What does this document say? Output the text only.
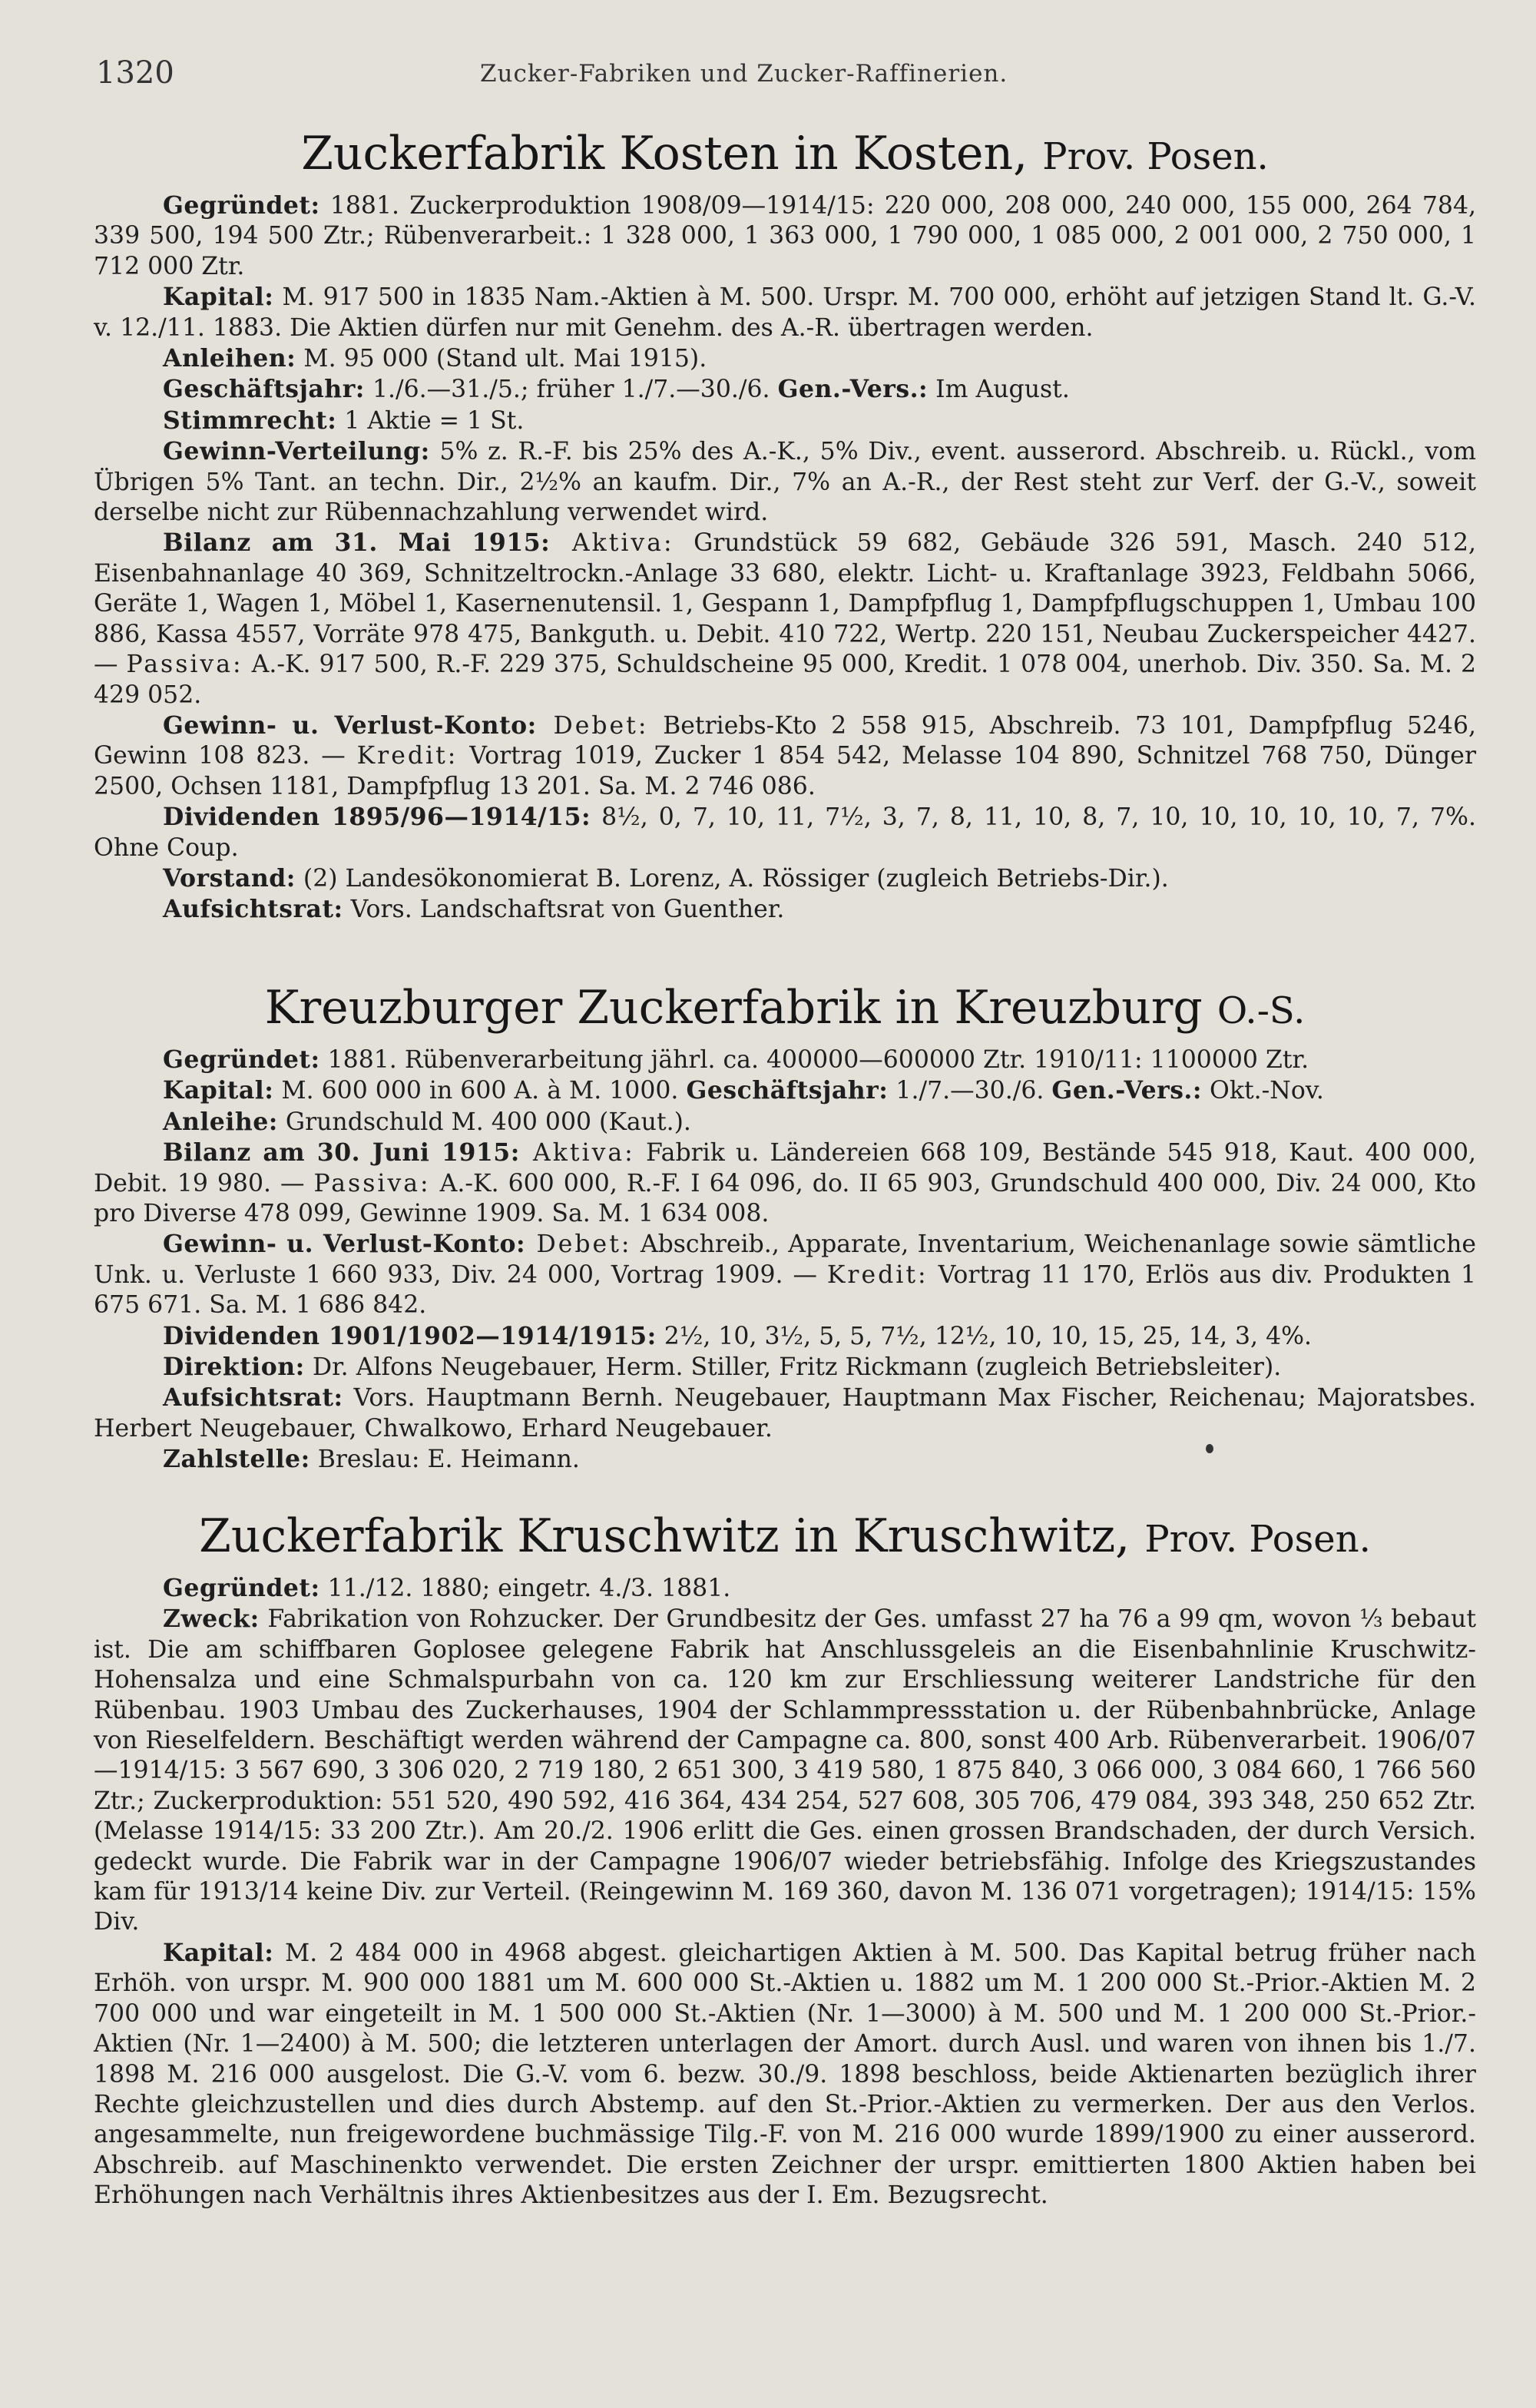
1320	Zucker-Fabriken und Zucker-Raffinerien.
Zuckerfabrik Kosten in Kosten, Prov. Posen.

Gegründet: 1881. Zuckerproduktion 1908/09—1914/15: 220 000, 208 000, 240 000, 155 000, 264 784, 339 500, 194 500 Ztr.; Rübenverarbeit.: 1 328 000, 1 363 000, 1 790 000, 1 085 000, 2 001 000, 2 750 000, 1 712 000 Ztr.

Kapital: M. 917 500 in 1835 Nam.-Aktien à M. 500. Urspr. M. 700 000, erhöht auf jetzigen Stand lt. G.-V. v. 12./11. 1883. Die Aktien dürfen nur mit Genehm. des A.-R. übertragen werden.

Anleihen: M. 95 000 (Stand ult. Mai 1915).

Geschäftsjahr: 1./6.—31./5.; früher 1./7.—30./6. Gen.-Vers.: Im August.

Stimmrecht: 1 Aktie = 1 St.

Gewinn-Verteilung: 5% z. R.-F. bis 25% des A.-K., 5% Div., event. ausserord. Abschreib. u. Rückl., vom Übrigen 5% Tant. an techn. Dir., 2½% an kaufm. Dir., 7% an A.-R., der Rest steht zur Verf. der G.-V., soweit derselbe nicht zur Rübennachzahlung verwendet wird.

Bilanz am 31. Mai 1915: Aktiva: Grundstück 59 682, Gebäude 326 591, Masch. 240 512, Eisenbahnanlage 40 369, Schnitzeltrockn.-Anlage 33 680, elektr. Licht- u. Kraftanlage 3923, Feldbahn 5066, Geräte 1, Wagen 1, Möbel 1, Kasernenutensil. 1, Gespann 1, Dampfpflug 1, Dampfpflugschuppen 1, Umbau 100 886, Kassa 4557, Vorräte 978 475, Bankguth. u. Debit. 410 722, Wertp. 220 151, Neubau Zuckerspeicher 4427. — Passiva: A.-K. 917 500, R.-F. 229 375, Schuldscheine 95 000, Kredit. 1 078 004, unerhob. Div. 350. Sa. M. 2 429 052.

Gewinn- u. Verlust-Konto: Debet: Betriebs-Kto 2 558 915, Abschreib. 73 101, Dampfpflug 5246, Gewinn 108 823. — Kredit: Vortrag 1019, Zucker 1 854 542, Melasse 104 890, Schnitzel 768 750, Dünger 2500, Ochsen 1181, Dampfpflug 13 201. Sa. M. 2 746 086.

Dividenden 1895/96—1914/15: 8½, 0, 7, 10, 11, 7½, 3, 7, 8, 11, 10, 8, 7, 10, 10, 10, 10, 10, 7, 7%. Ohne Coup.

Vorstand: (2) Landesökonomierat B. Lorenz, A. Rössiger (zugleich Betriebs-Dir.).

Aufsichtsrat: Vors. Landschaftsrat von Guenther.

Kreuzburger Zuckerfabrik in Kreuzburg O.-S.

Gegründet: 1881. Rübenverarbeitung jährl. ca. 400000—600000 Ztr. 1910/11: 1100000 Ztr.

Kapital: M. 600 000 in 600 A. à M. 1000. Geschäftsjahr: 1./7.—30./6. Gen.-Vers.: Okt.-Nov.

Anleihe: Grundschuld M. 400 000 (Kaut.).

Bilanz am 30. Juni 1915: Aktiva: Fabrik u. Ländereien 668 109, Bestände 545 918, Kaut. 400 000, Debit. 19 980. — Passiva: A.-K. 600 000, R.-F. I 64 096, do. II 65 903, Grundschuld 400 000, Div. 24 000, Kto pro Diverse 478 099, Gewinne 1909. Sa. M. 1 634 008.

Gewinn- u. Verlust-Konto: Debet: Abschreib., Apparate, Inventarium, Weichenanlage sowie sämtliche Unk. u. Verluste 1 660 933, Div. 24 000, Vortrag 1909. — Kredit: Vortrag 11 170, Erlös aus div. Produkten 1 675 671. Sa. M. 1 686 842.

Dividenden 1901/1902—1914/1915: 2½, 10, 3½, 5, 5, 7½, 12½, 10, 10, 15, 25, 14, 3, 4%.

Direktion: Dr. Alfons Neugebauer, Herm. Stiller, Fritz Rickmann (zugleich Betriebsleiter).

Aufsichtsrat: Vors. Hauptmann Bernh. Neugebauer, Hauptmann Max Fischer, Reichenau; Majoratsbes. Herbert Neugebauer, Chwalkowo, Erhard Neugebauer.

Zahlstelle: Breslau: E. Heimann.

Zuckerfabrik Kruschwitz in Kruschwitz, Prov. Posen.

Gegründet: 11./12. 1880; eingetr. 4./3. 1881.

Zweck: Fabrikation von Rohzucker. Der Grundbesitz der Ges. umfasst 27 ha 76 a 99 qm, wovon ⅓ bebaut ist. Die am schiffbaren Goplosee gelegene Fabrik hat Anschlussgeleis an die Eisenbahnlinie Kruschwitz-Hohensalza und eine Schmalspurbahn von ca. 120 km zur Erschliessung weiterer Landstriche für den Rübenbau. 1903 Umbau des Zuckerhauses, 1904 der Schlammpressstation u. der Rübenbahnbrücke, Anlage von Rieselfeldern. Beschäftigt werden während der Campagne ca. 800, sonst 400 Arb. Rübenverarbeit. 1906/07—1914/15: 3 567 690, 3 306 020, 2 719 180, 2 651 300, 3 419 580, 1 875 840, 3 066 000, 3 084 660, 1 766 560 Ztr.; Zuckerproduktion: 551 520, 490 592, 416 364, 434 254, 527 608, 305 706, 479 084, 393 348, 250 652 Ztr. (Melasse 1914/15: 33 200 Ztr.). Am 20./2. 1906 erlitt die Ges. einen grossen Brandschaden, der durch Versich. gedeckt wurde. Die Fabrik war in der Campagne 1906/07 wieder betriebsfähig. Infolge des Kriegszustandes kam für 1913/14 keine Div. zur Verteil. (Reingewinn M. 169 360, davon M. 136 071 vorgetragen); 1914/15: 15% Div.

Kapital: M. 2 484 000 in 4968 abgest. gleichartigen Aktien à M. 500. Das Kapital betrug früher nach Erhöh. von urspr. M. 900 000 1881 um M. 600 000 St.-Aktien u. 1882 um M. 1 200 000 St.-Prior.-Aktien M. 2 700 000 und war eingeteilt in M. 1 500 000 St.-Aktien (Nr. 1—3000) à M. 500 und M. 1 200 000 St.-Prior.-Aktien (Nr. 1—2400) à M. 500; die letzteren unterlagen der Amort. durch Ausl. und waren von ihnen bis 1./7. 1898 M. 216 000 ausgelost. Die G.-V. vom 6. bezw. 30./9. 1898 beschloss, beide Aktienarten bezüglich ihrer Rechte gleichzustellen und dies durch Abstemp. auf den St.-Prior.-Aktien zu vermerken. Der aus den Verlos. angesammelte, nun freigewordene buchmässige Tilg.-F. von M. 216 000 wurde 1899/1900 zu einer ausserord. Abschreib. auf Maschinenkto verwendet. Die ersten Zeichner der urspr. emittierten 1800 Aktien haben bei Erhöhungen nach Verhältnis ihres Aktienbesitzes aus der I. Em. Bezugsrecht.
